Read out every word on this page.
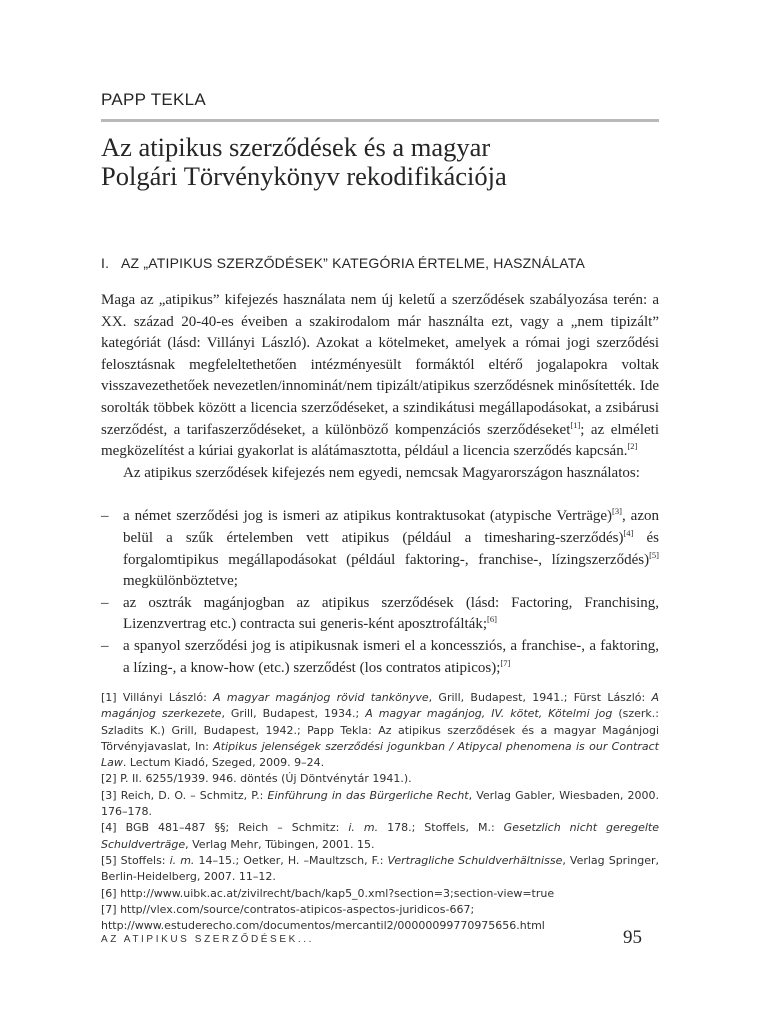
PAPP TEKLA
Az atipikus szerződések és a magyar
Polgári Törvénykönyv rekodifikációja
I. AZ „ATIPIKUS SZERZŐDÉSEK” KATEGÓRIA ÉRTELME, HASZNÁLATA

Maga az „atipikus” kifejezés használata nem új keletű a szerződések szabályozása terén: a XX. század 20-40-es éveiben a szakirodalom már használta ezt, vagy a „nem tipizált” kategóriát (lásd: Villányi László). Azokat a kötelmeket, amelyek a római jogi szerződési felosztásnak megfeleltethetően intézményesült formáktól eltérő jogalapokra voltak visszavezethetőek nevezetlen/innominát/nem tipizált/atipikus szerződésnek minősítették. Ide sorolták többek között a licencia szerződéseket, a szindikátusi megállapodásokat, a zsibárusi szerződést, a tarifaszerződéseket, a különböző kompenzációs szerződéseket[1]; az elméleti megközelítést a kúriai gyakorlat is alátámasztotta, például a licencia szerződés kapcsán.[2]

Az atipikus szerződések kifejezés nem egyedi, nemcsak Magyarországon használatos:

– a német szerződési jog is ismeri az atipikus kontraktusokat (atypische Verträge)[3], azon belül a szűk értelemben vett atipikus (például a timesharing-szerződés)[4] és forgalomtipikus megállapodásokat (például faktoring-, franchise-, lízingszerződés)[5] megkülönböztetve;
– az osztrák magánjogban az atipikus szerződések (lásd: Factoring, Franchising, Lizenzvertrag etc.) contracta sui generis-ként aposztrofálták;[6]
– a spanyol szerződési jog is atipikusnak ismeri el a koncessziós, a franchise-, a faktoring, a lízing-, a know-how (etc.) szerződést (los contratos atipicos);[7]

[1] Villányi László: A magyar magánjog rövid tankönyve, Grill, Budapest, 1941.; Fürst László: A magánjog szerkezete, Grill, Budapest, 1934.; A magyar magánjog, IV. kötet, Kötelmi jog (szerk.: Szladits K.) Grill, Budapest, 1942.; Papp Tekla: Az atipikus szerződések és a magyar Magánjogi Törvényjavaslat, In: Atipikus jelenségek szerződési jogunkban / Atipycal phenomena is our Contract Law. Lectum Kiadó, Szeged, 2009. 9–24.

[2] P. II. 6255/1939. 946. döntés (Új Döntvénytár 1941.).

[3] Reich, D. O. – Schmitz, P.: Einführung in das Bürgerliche Recht, Verlag Gabler, Wiesbaden, 2000. 176–178.

[4] BGB 481–487 §§; Reich – Schmitz: i. m. 178.; Stoffels, M.: Gesetzlich nicht geregelte Schuldverträge, Verlag Mehr, Tübingen, 2001. 15.

[5] Stoffels: i. m. 14–15.; Oetker, H. –Maultzsch, F.: Vertragliche Schuldverhältnisse, Verlag Springer, Berlin-Heidelberg, 2007. 11–12.

[6] http://www.uibk.ac.at/zivilrecht/bach/kap5_0.xml?section=3;section-view=true

[7] http//vlex.com/source/contratos-atipicos-aspectos-juridicos-667;

http://www.estuderecho.com/documentos/mercantil2/00000099770975656.html

AZ ATIPIKUS SZERZŐDÉSEK...	95
